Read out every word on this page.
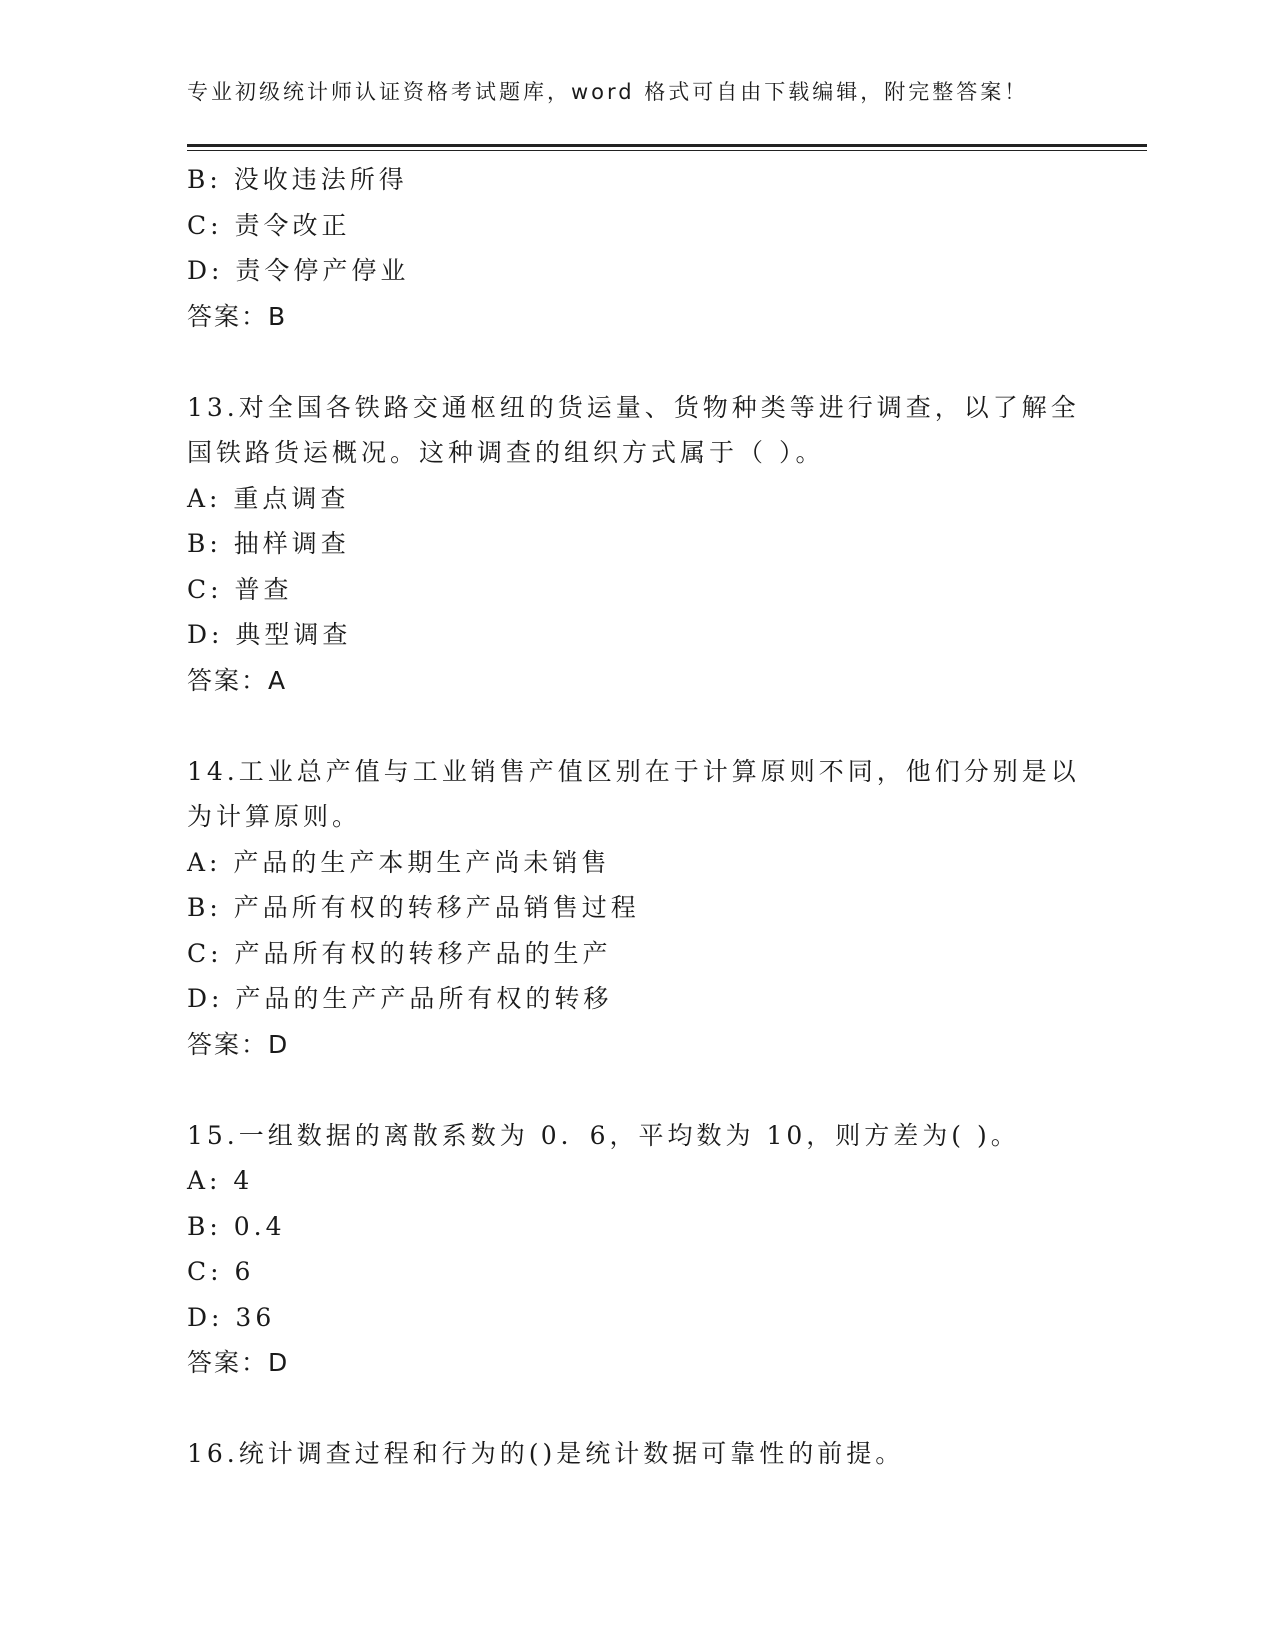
专业初级统计师认证资格考试题库，word 格式可自由下载编辑，附完整答案！
B: 没收违法所得
C: 责令改正
D: 责令停产停业
答案：B
13.对全国各铁路交通枢纽的货运量、货物种类等进行调查，以了解全
国铁路货运概况。这种调查的组织方式属于（ ）。
A: 重点调查
B: 抽样调查
C: 普查
D: 典型调查
答案：A
14.工业总产值与工业销售产值区别在于计算原则不同，他们分别是以
为计算原则。
A: 产品的生产本期生产尚未销售
B: 产品所有权的转移产品销售过程
C: 产品所有权的转移产品的生产
D: 产品的生产产品所有权的转移
答案：D
15.一组数据的离散系数为 0．6，平均数为 10，则方差为( )。
A: 4
B: 0.4
C: 6
D: 36
答案：D
16.统计调查过程和行为的()是统计数据可靠性的前提。
